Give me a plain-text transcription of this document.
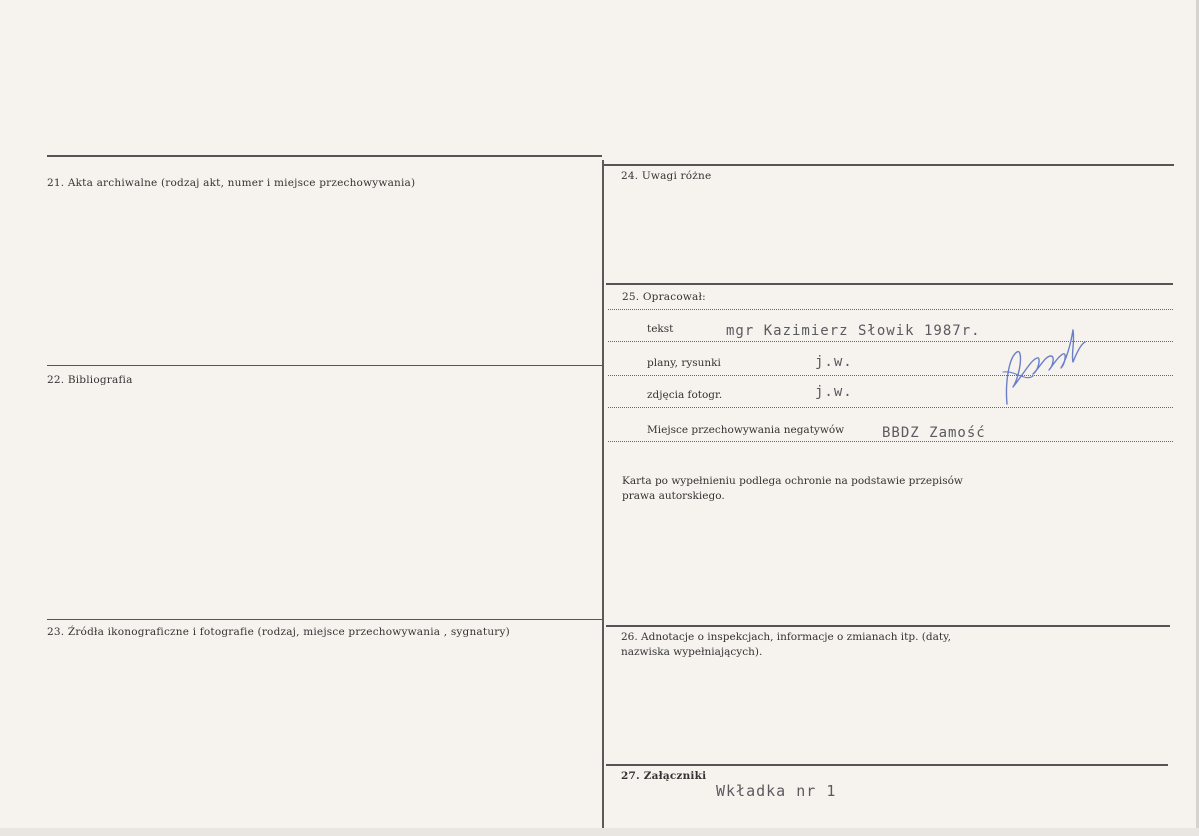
21. Akta archiwalne (rodzaj akt, numer i miejsce przechowywania)
22. Bibliografia
23. Źródła ikonograficzne i fotografie (rodzaj, miejsce przechowywania , sygnatury)
24. Uwagi różne
25. Opracował:
tekst	mgr Kazimierz Słowik 1987r.
plany, rysunki	j.w.
zdjęcia fotogr.	j.w.
Miejsce przechowywania negatywów	BBDZ Zamość
Karta po wypełnieniu podlega ochronie na podstawie przepisów
prawa autorskiego.
26. Adnotacje o inspekcjach, informacje o zmianach itp. (daty,
nazwiska wypełniających).
27. Załączniki
Wkładka nr 1
